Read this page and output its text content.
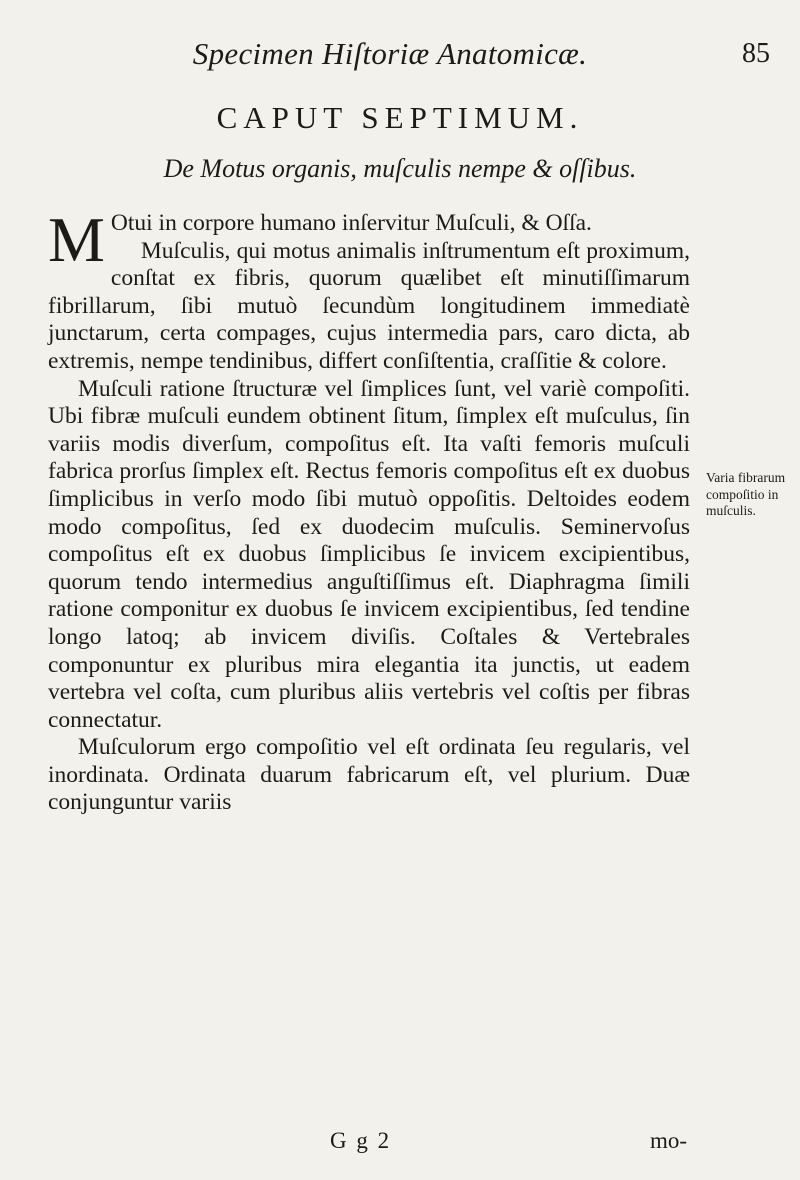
Specimen Hiſtoriæ Anatomicæ.	85
CAPUT SEPTIMUM.
De Motus organis, muſculis nempe & oſſibus.

M Otui in corpore humano inſervitur Muſculi, & Oſſa.

Muſculis, qui motus animalis inſtrumentum eſt proximum, conſtat ex fibris, quorum quælibet eſt minutiſſimarum fibrillarum, ſibi mutuò ſecundùm longitudinem immediatè junctarum, certa compages, cujus intermedia pars, caro dicta, ab extremis, nempe tendinibus, differt conſiſtentia, craſſitie & colore.

Muſculi ratione ſtructuræ vel ſimplices ſunt, vel variè compoſiti. Ubi fibræ muſculi eundem obtinent ſitum, ſimplex eſt muſculus, ſin variis modis diverſum, compoſitus eſt. Ita vaſti femoris muſculi fabrica prorſus ſimplex eſt. Rectus femoris compoſitus eſt ex duobus ſimplicibus in verſo modo ſibi mutuò oppoſitis. Deltoides eodem modo compoſitus, ſed ex duodecim muſculis. Seminervoſus compoſitus eſt ex duobus ſimplicibus ſe invicem excipientibus, quorum tendo intermedius anguſtiſſimus eſt. Diaphragma ſimili ratione componitur ex duobus ſe invicem excipientibus, ſed tendine longo latoq; ab invicem diviſis. Coſtales & Vertebrales componuntur ex pluribus mira elegantia ita junctis, ut eadem vertebra vel coſta, cum pluribus aliis vertebris vel coſtis per fibras connectatur.

Muſculorum ergo compoſitio vel eſt ordinata ſeu regularis, vel inordinata. Ordinata duarum fabricarum eſt, vel plurium. Duæ conjunguntur variis

Varia fibrarum compoſitio in muſculis.
G g 2	mo-
